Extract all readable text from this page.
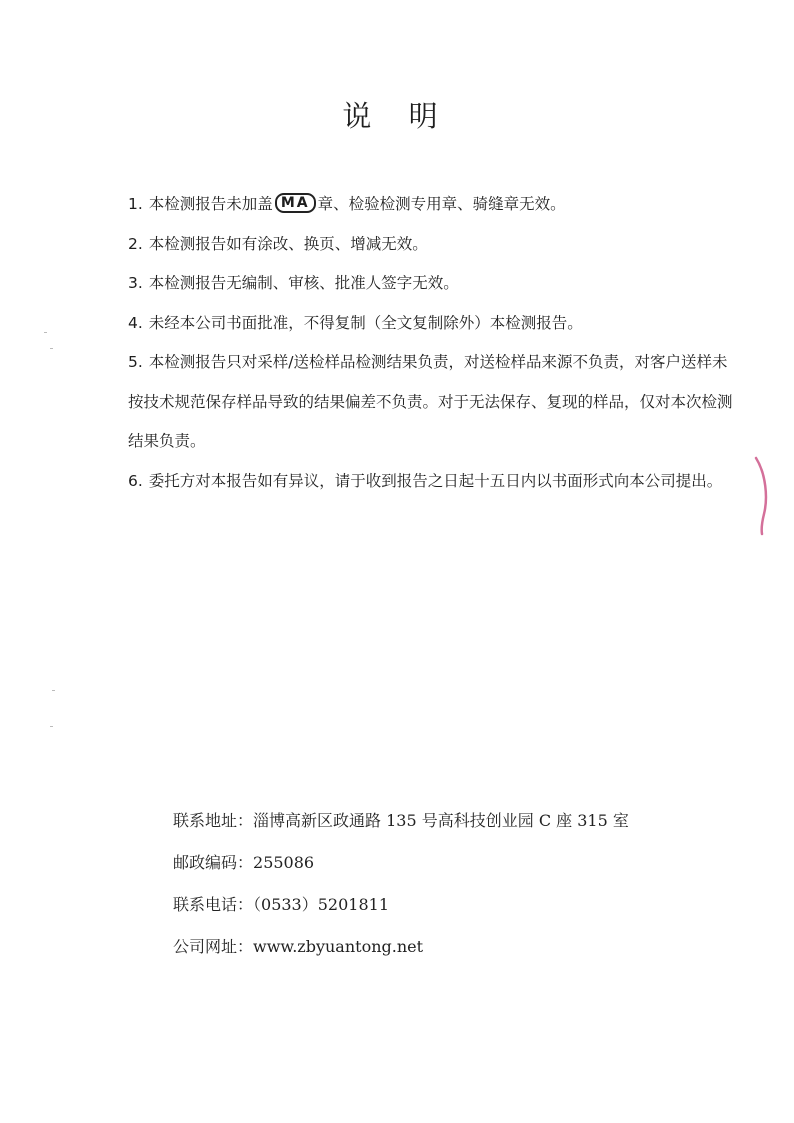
说 明
1. 本检测报告未加盖 MA 章、检验检测专用章、骑缝章无效。
2. 本检测报告如有涂改、换页、增减无效。
3. 本检测报告无编制、审核、批准人签字无效。
4. 未经本公司书面批准，不得复制（全文复制除外）本检测报告。
5. 本检测报告只对采样/送检样品检测结果负责，对送检样品来源不负责，对客户送样未按技术规范保存样品导致的结果偏差不负责。对于无法保存、复现的样品，仅对本次检测结果负责。
6. 委托方对本报告如有异议，请于收到报告之日起十五日内以书面形式向本公司提出。
联系地址：淄博高新区政通路 135 号高科技创业园 C 座 315 室
邮政编码：255086
联系电话：（0533）5201811
公司网址：www.zbyuantong.net
